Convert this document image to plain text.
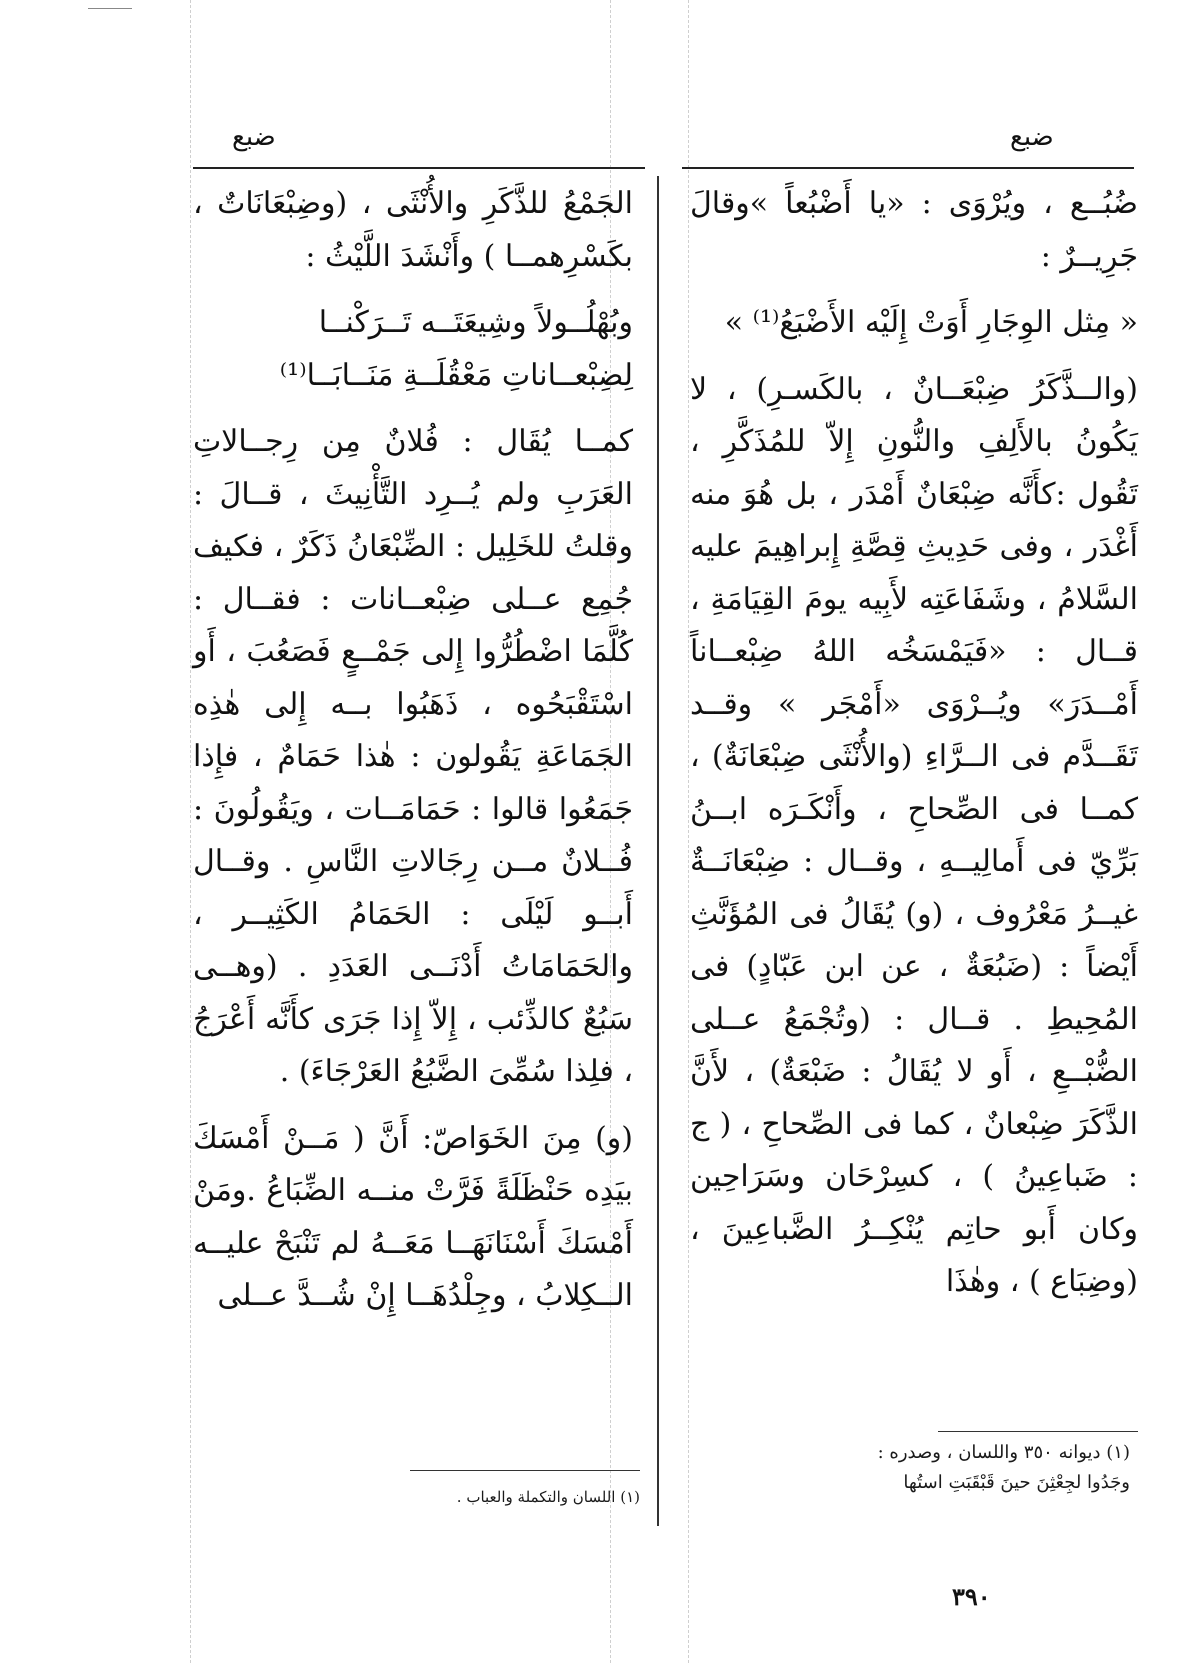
ضبع
ضبع

ضُبُــع ، ويُرْوَى : «يا أَضْبُعاً »وقالَ جَرِيــرٌ :

« مِثل الوِجَارِ أَوَتْ إِلَيْه الأَضْبَعُ⁽¹⁾ »

(والــذَّكَرُ ضِبْعَــانٌ ، بالكَسـرِ) ، لا يَكُونُ بالأَلِفِ والنُّونِ إِلاّ للمُذَكَّرِ ، تَقُول :كأَنَّه ضِبْعَانٌ أَمْدَر ، بل هُوَ منه أَغْدَر ، وفى حَدِيثِ قِصَّةِ إِبراهِيمَ عليه السَّلامُ ، وشَفَاعَتِه لأَبِيه يومَ القِيَامَةِ ، قــال : «فَيَمْسَخُه اللهُ ضِبْعــاناً أَمْــدَرَ» ويُــرْوَى «أَمْجَر » وقــد تَقَــدَّم فى الــرَّاءِ (والأُنْثَى ضِبْعَانَةٌ) ، كمــا فى الصِّحاحِ ، وأَنْكَـرَه ابــنُ بَرِّيّ فى أَمالِيــهِ ، وقــال : ضِبْعَانَــةٌ غيــرُ مَعْرُوف ، (و) يُقَالُ فى المُؤَنَّثِ أَيْضاً : (ضَبُعَةٌ ، عن ابن عَبّادٍ) فى المُحِيطِ . قــال : (وتُجْمَعُ عــلى الضُّبْــعِ ، أَو لا يُقَالُ : ضَبْعَةٌ) ، لأَنَّ الذَّكَرَ ضِبْعانٌ ، كما فى الصِّحاحِ ، ( ج : ضَباعِينُ ) ، كسِرْحَان وسَرَاحِين وكان أَبو حاتِم يُنْكِــرُ الضَّباعِينَ ، (وضِبَاع ) ، وهٰذَا

(١) ديوانه ٣٥٠ واللسان ، وصدره :
وجَدُوا لجِعْثِنَ حينَ قَبْقَبَتِ استُها

الجَمْعُ للذَّكَرِ والأُنْثَى ، (وضِبْعَانَاتٌ ، بكَسْرِهمــا ) وأَنْشَدَ اللَّيْثُ :

وبُهْلُــولاً وشِيعَتَــه تَــرَكْنــا

لِضِبْعــاناتِ مَعْقُلَــةِ مَنَــابَــا⁽¹⁾

كمــا يُقَال : فُلانٌ مِن رِجــالاتِ العَرَبِ ولم يُــرِد التَّأْنِيثَ ، قــالَ : وقلتُ للخَلِيل : الضِّبْعَانُ ذَكَرٌ ، فكيف جُمِع عــلى ضِبْعــانات : فقــال : كُلَّمَا اضْطُرُّوا إِلى جَمْــعٍ فَصَعُبَ ، أَو اسْتَقْبَحُوه ، ذَهَبُوا بــه إِلى هٰذِه الجَمَاعَةِ يَقُولون : هٰذا حَمَامٌ ، فإِذا جَمَعُوا قالوا : حَمَامَــات ، ويَقُولُونَ : فُــلانٌ مــن رِجَالاتِ النَّاسِ . وقــال أَبــو لَيْلَى : الحَمَامُ الكَثِيــر ، والحَمَامَاتُ أَدْنَــى العَدَدِ . (وهــى سَبُعٌ كالذِّئب ، إِلاّ إِذا جَرَى كأَنَّه أَعْرَجُ ، فلِذا سُمِّىَ الضَّبُعُ العَرْجَاءَ) .

(و) مِنَ الخَوَاصّ: أَنَّ ( مَــنْ أَمْسَكَ بيَدِه حَنْظَلَةً فَرَّتْ منــه الضِّبَاعُ .ومَنْ أَمْسَكَ أَسْنَانَهَــا مَعَــهُ لم تَنْبَحْ عليــه الــكِلابُ ، وجِلْدُهَــا إِنْ شُــدَّ عــلى

(١) اللسان والتكملة والعباب .
٣٩٠
